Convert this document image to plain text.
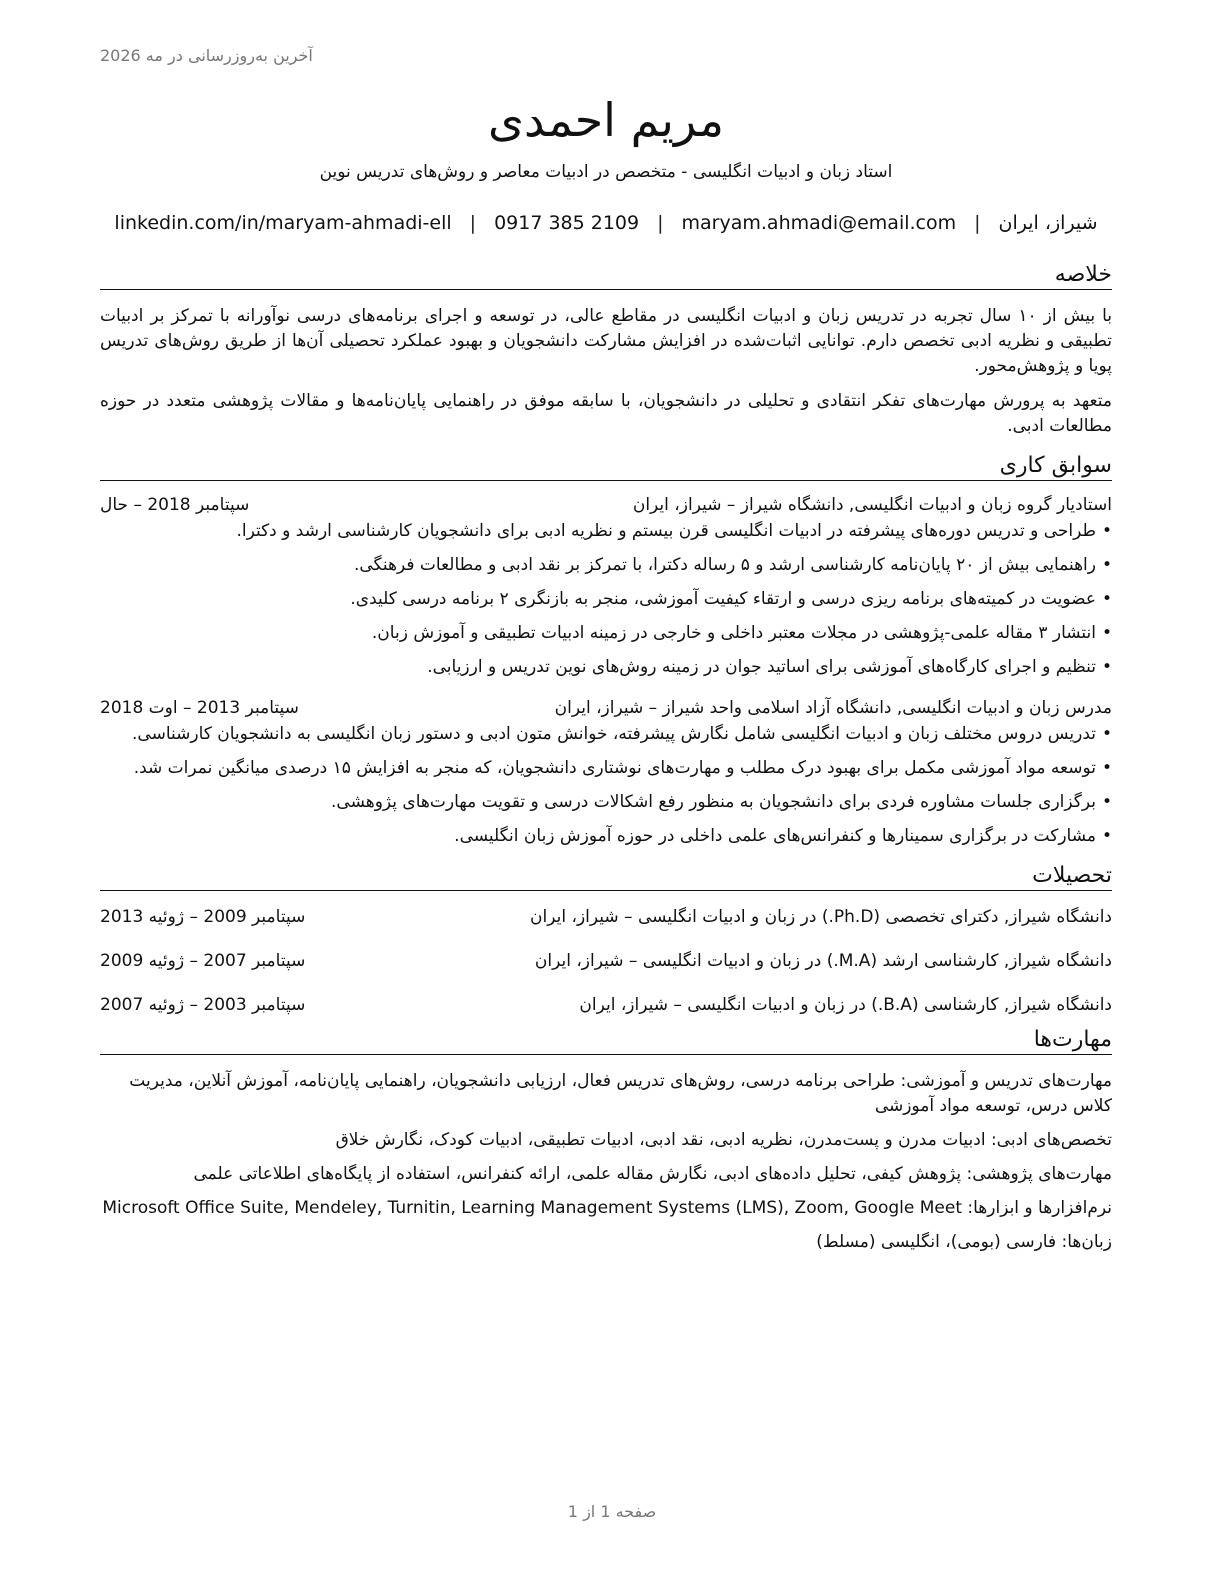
آخرین به‌روزرسانی در مه 2026
مریم احمدی
استاد زبان و ادبیات انگلیسی - متخصص در ادبیات معاصر و روش‌های تدریس نوین
شیراز، ایران
|
maryam.ahmadi@email.com
|
0917 385 2109
|
linkedin.com/in/maryam-ahmadi-ell
خلاصه

با بیش از ۱۰ سال تجربه در تدریس زبان و ادبیات انگلیسی در مقاطع عالی، در توسعه و اجرای برنامه‌های درسی نوآورانه با تمرکز بر ادبیات تطبیقی و نظریه ادبی تخصص دارم. توانایی اثبات‌شده در افزایش مشارکت دانشجویان و بهبود عملکرد تحصیلی آن‌ها از طریق روش‌های تدریس پویا و پژوهش‌محور.

متعهد به پرورش مهارت‌های تفکر انتقادی و تحلیلی در دانشجویان، با سابقه موفق در راهنمایی پایان‌نامه‌ها و مقالات پژوهشی متعدد در حوزه مطالعات ادبی.

سوابق کاری
استادیار گروه زبان و ادبیات انگلیسی, دانشگاه شیراز – شیراز، ایران
سپتامبر 2018 – حال
• طراحی و تدریس دوره‌های پیشرفته در ادبیات انگلیسی قرن بیستم و نظریه ادبی برای دانشجویان کارشناسی ارشد و دکترا.
• راهنمایی بیش از ۲۰ پایان‌نامه کارشناسی ارشد و ۵ رساله دکترا، با تمرکز بر نقد ادبی و مطالعات فرهنگی.
• عضویت در کمیته‌های برنامه ریزی درسی و ارتقاء کیفیت آموزشی، منجر به بازنگری ۲ برنامه درسی کلیدی.
• انتشار ۳ مقاله علمی-پژوهشی در مجلات معتبر داخلی و خارجی در زمینه ادبیات تطبیقی و آموزش زبان.
• تنظیم و اجرای کارگاه‌های آموزشی برای اساتید جوان در زمینه روش‌های نوین تدریس و ارزیابی.
مدرس زبان و ادبیات انگلیسی, دانشگاه آزاد اسلامی واحد شیراز – شیراز، ایران
سپتامبر 2013 – اوت 2018
• تدریس دروس مختلف زبان و ادبیات انگلیسی شامل نگارش پیشرفته، خوانش متون ادبی و دستور زبان انگلیسی به دانشجویان کارشناسی.
• توسعه مواد آموزشی مکمل برای بهبود درک مطلب و مهارت‌های نوشتاری دانشجویان، که منجر به افزایش ۱۵ درصدی میانگین نمرات شد.
• برگزاری جلسات مشاوره فردی برای دانشجویان به منظور رفع اشکالات درسی و تقویت مهارت‌های پژوهشی.
• مشارکت در برگزاری سمینارها و کنفرانس‌های علمی داخلی در حوزه آموزش زبان انگلیسی.
تحصیلات
دانشگاه شیراز, دکترای تخصصی (Ph.D.) در زبان و ادبیات انگلیسی – شیراز، ایران
سپتامبر 2009 – ژوئیه 2013
دانشگاه شیراز, کارشناسی ارشد (M.A.) در زبان و ادبیات انگلیسی – شیراز، ایران
سپتامبر 2007 – ژوئیه 2009
دانشگاه شیراز, کارشناسی (B.A.) در زبان و ادبیات انگلیسی – شیراز، ایران
سپتامبر 2003 – ژوئیه 2007
مهارت‌ها
مهارت‌های تدریس و آموزشی: طراحی برنامه درسی، روش‌های تدریس فعال، ارزیابی دانشجویان، راهنمایی پایان‌نامه، آموزش آنلاین، مدیریت کلاس درس، توسعه مواد آموزشی
تخصص‌های ادبی: ادبیات مدرن و پست‌مدرن، نظریه ادبی، نقد ادبی، ادبیات تطبیقی، ادبیات کودک، نگارش خلاق
مهارت‌های پژوهشی: پژوهش کیفی، تحلیل داده‌های ادبی، نگارش مقاله علمی، ارائه کنفرانس، استفاده از پایگاه‌های اطلاعاتی علمی
نرم‌افزارها و ابزارها: Microsoft Office Suite, Mendeley, Turnitin, Learning Management Systems (LMS), Zoom, Google Meet
زبان‌ها: فارسی (بومی)، انگلیسی (مسلط)
صفحه 1 از 1
